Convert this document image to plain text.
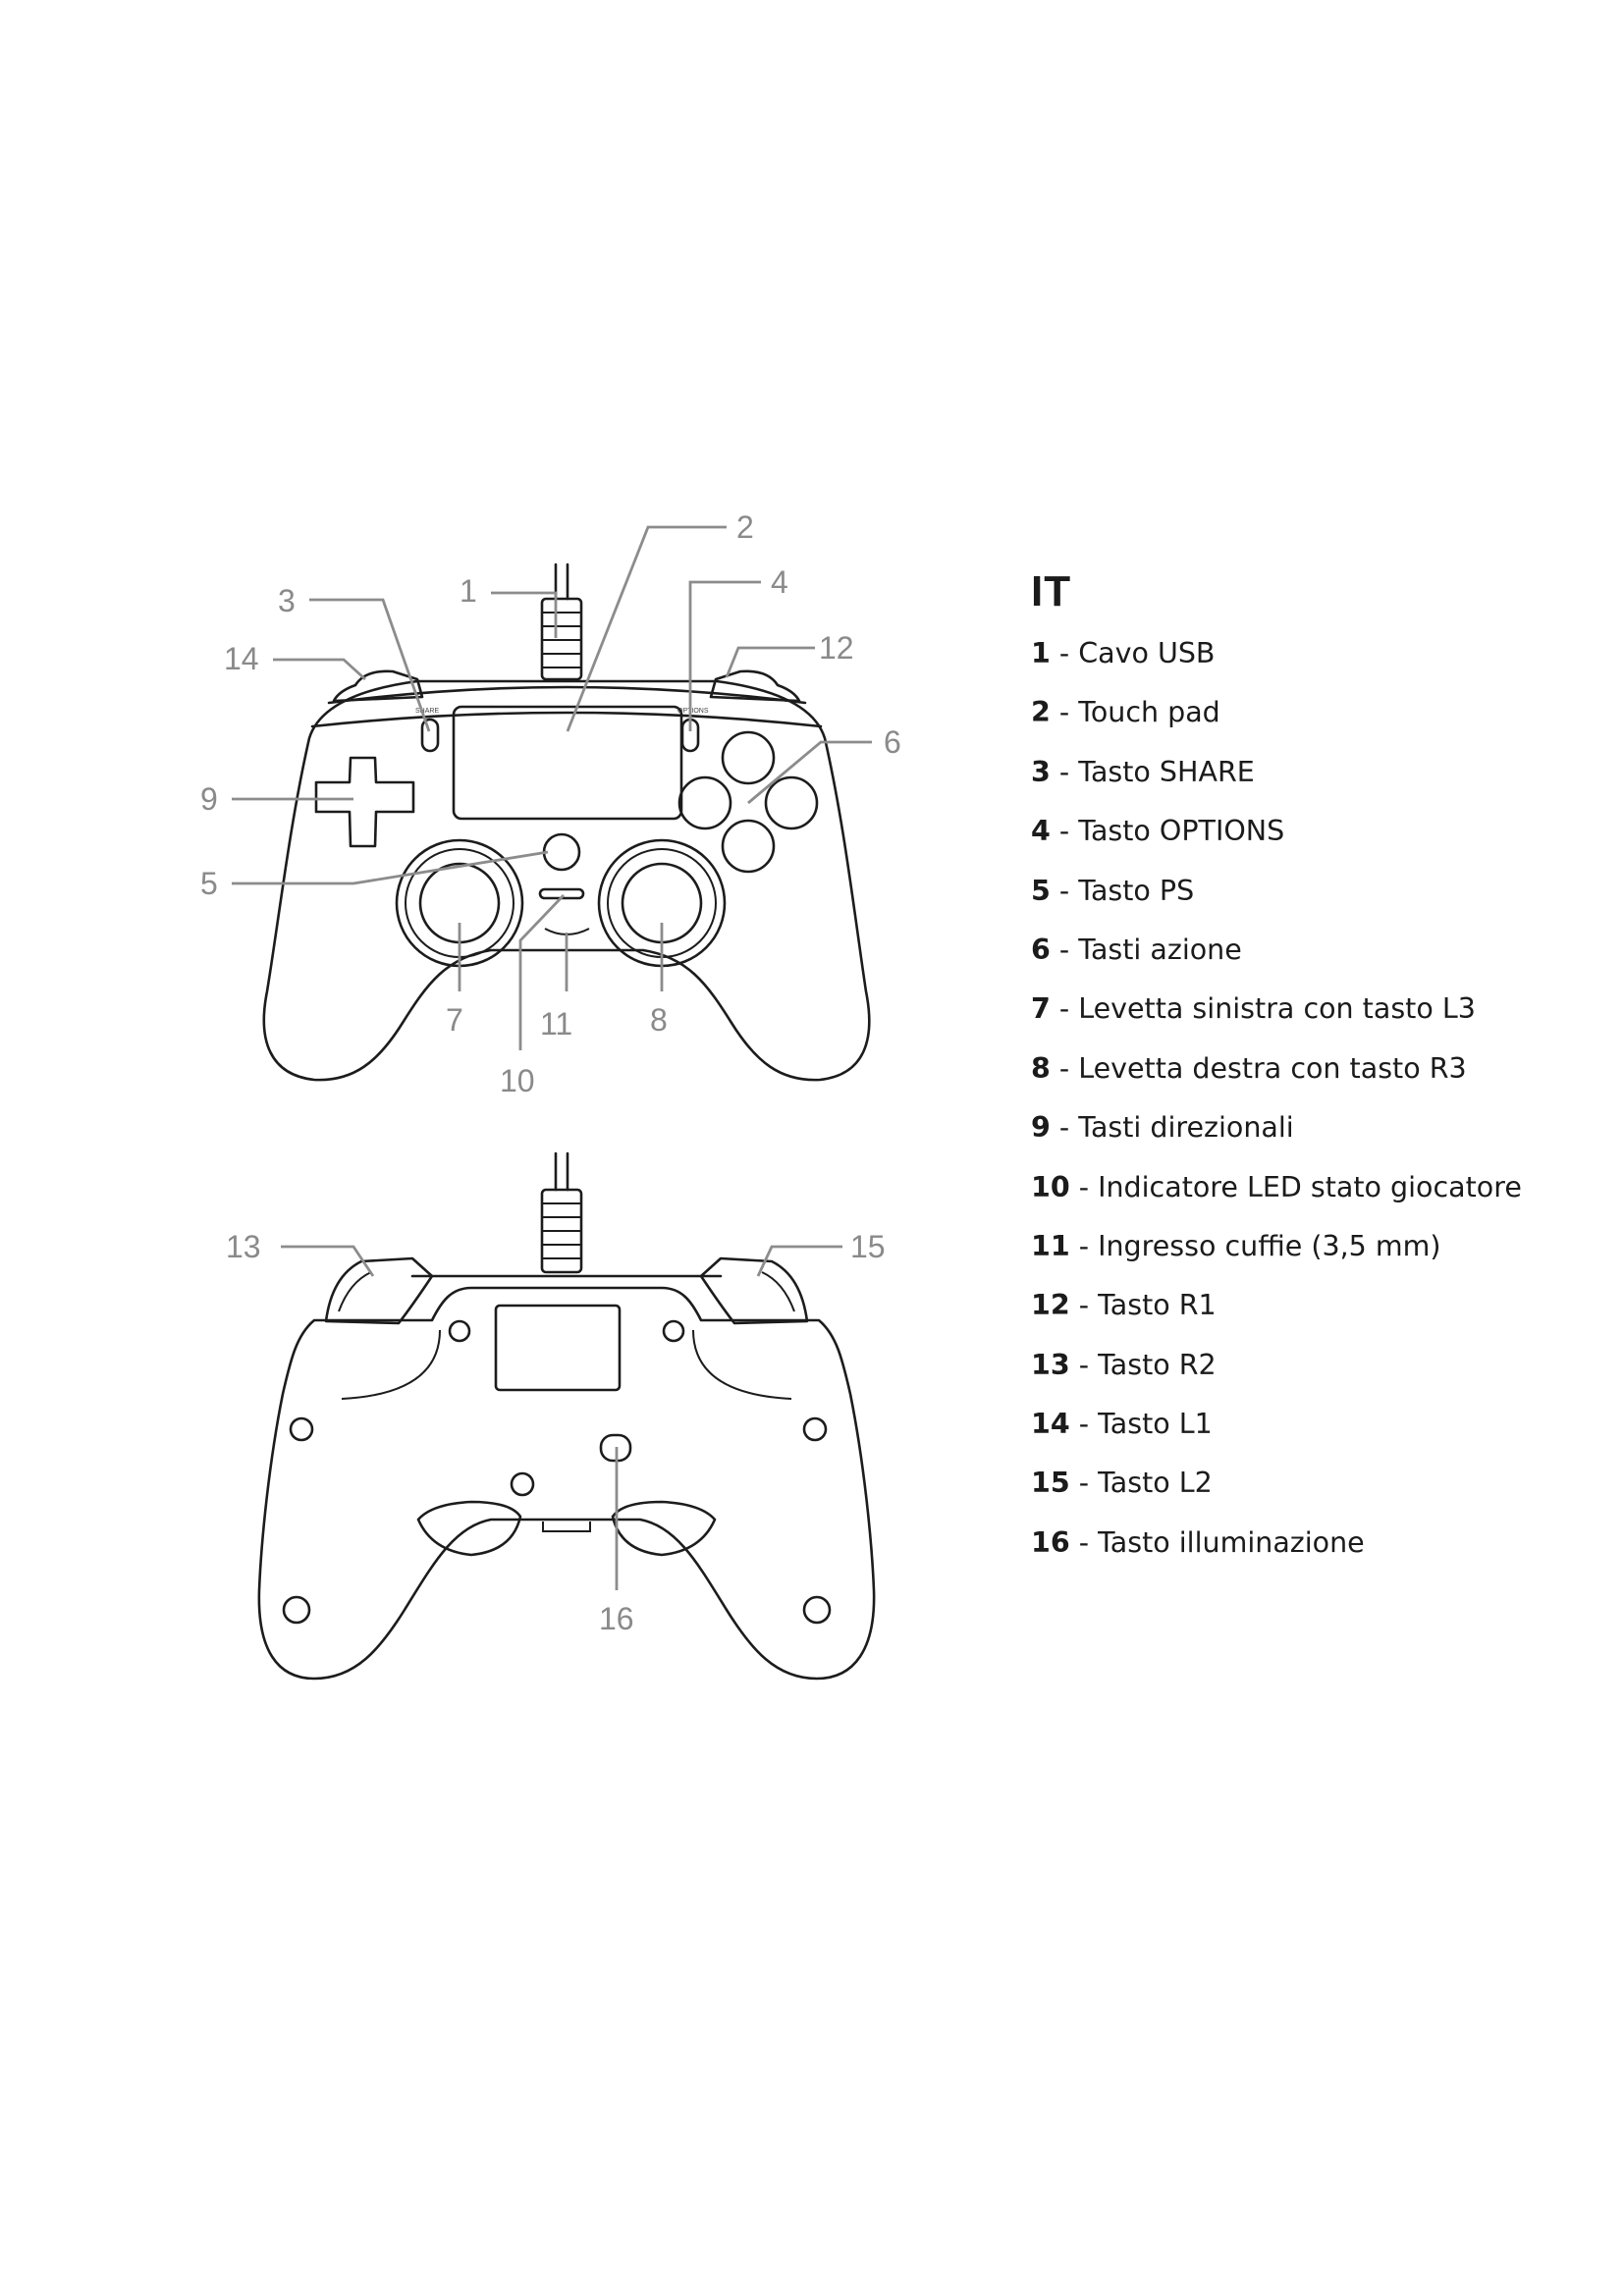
SHARE	OPTIONS
1
2
3
4
5
6
7	8
9
10
11
12
13
14
15
16
IT
1 - Cavo USB
2 - Touch pad
3 - Tasto SHARE
4 - Tasto OPTIONS
5 - Tasto PS
6 - Tasti azione
7 - Levetta sinistra con tasto L3
8 - Levetta destra con tasto R3
9 - Tasti direzionali
10 - Indicatore LED stato giocatore
11 - Ingresso cuffie (3,5 mm)
12 - Tasto R1
13 - Tasto R2
14 - Tasto L1
15 - Tasto L2
16 - Tasto illuminazione
